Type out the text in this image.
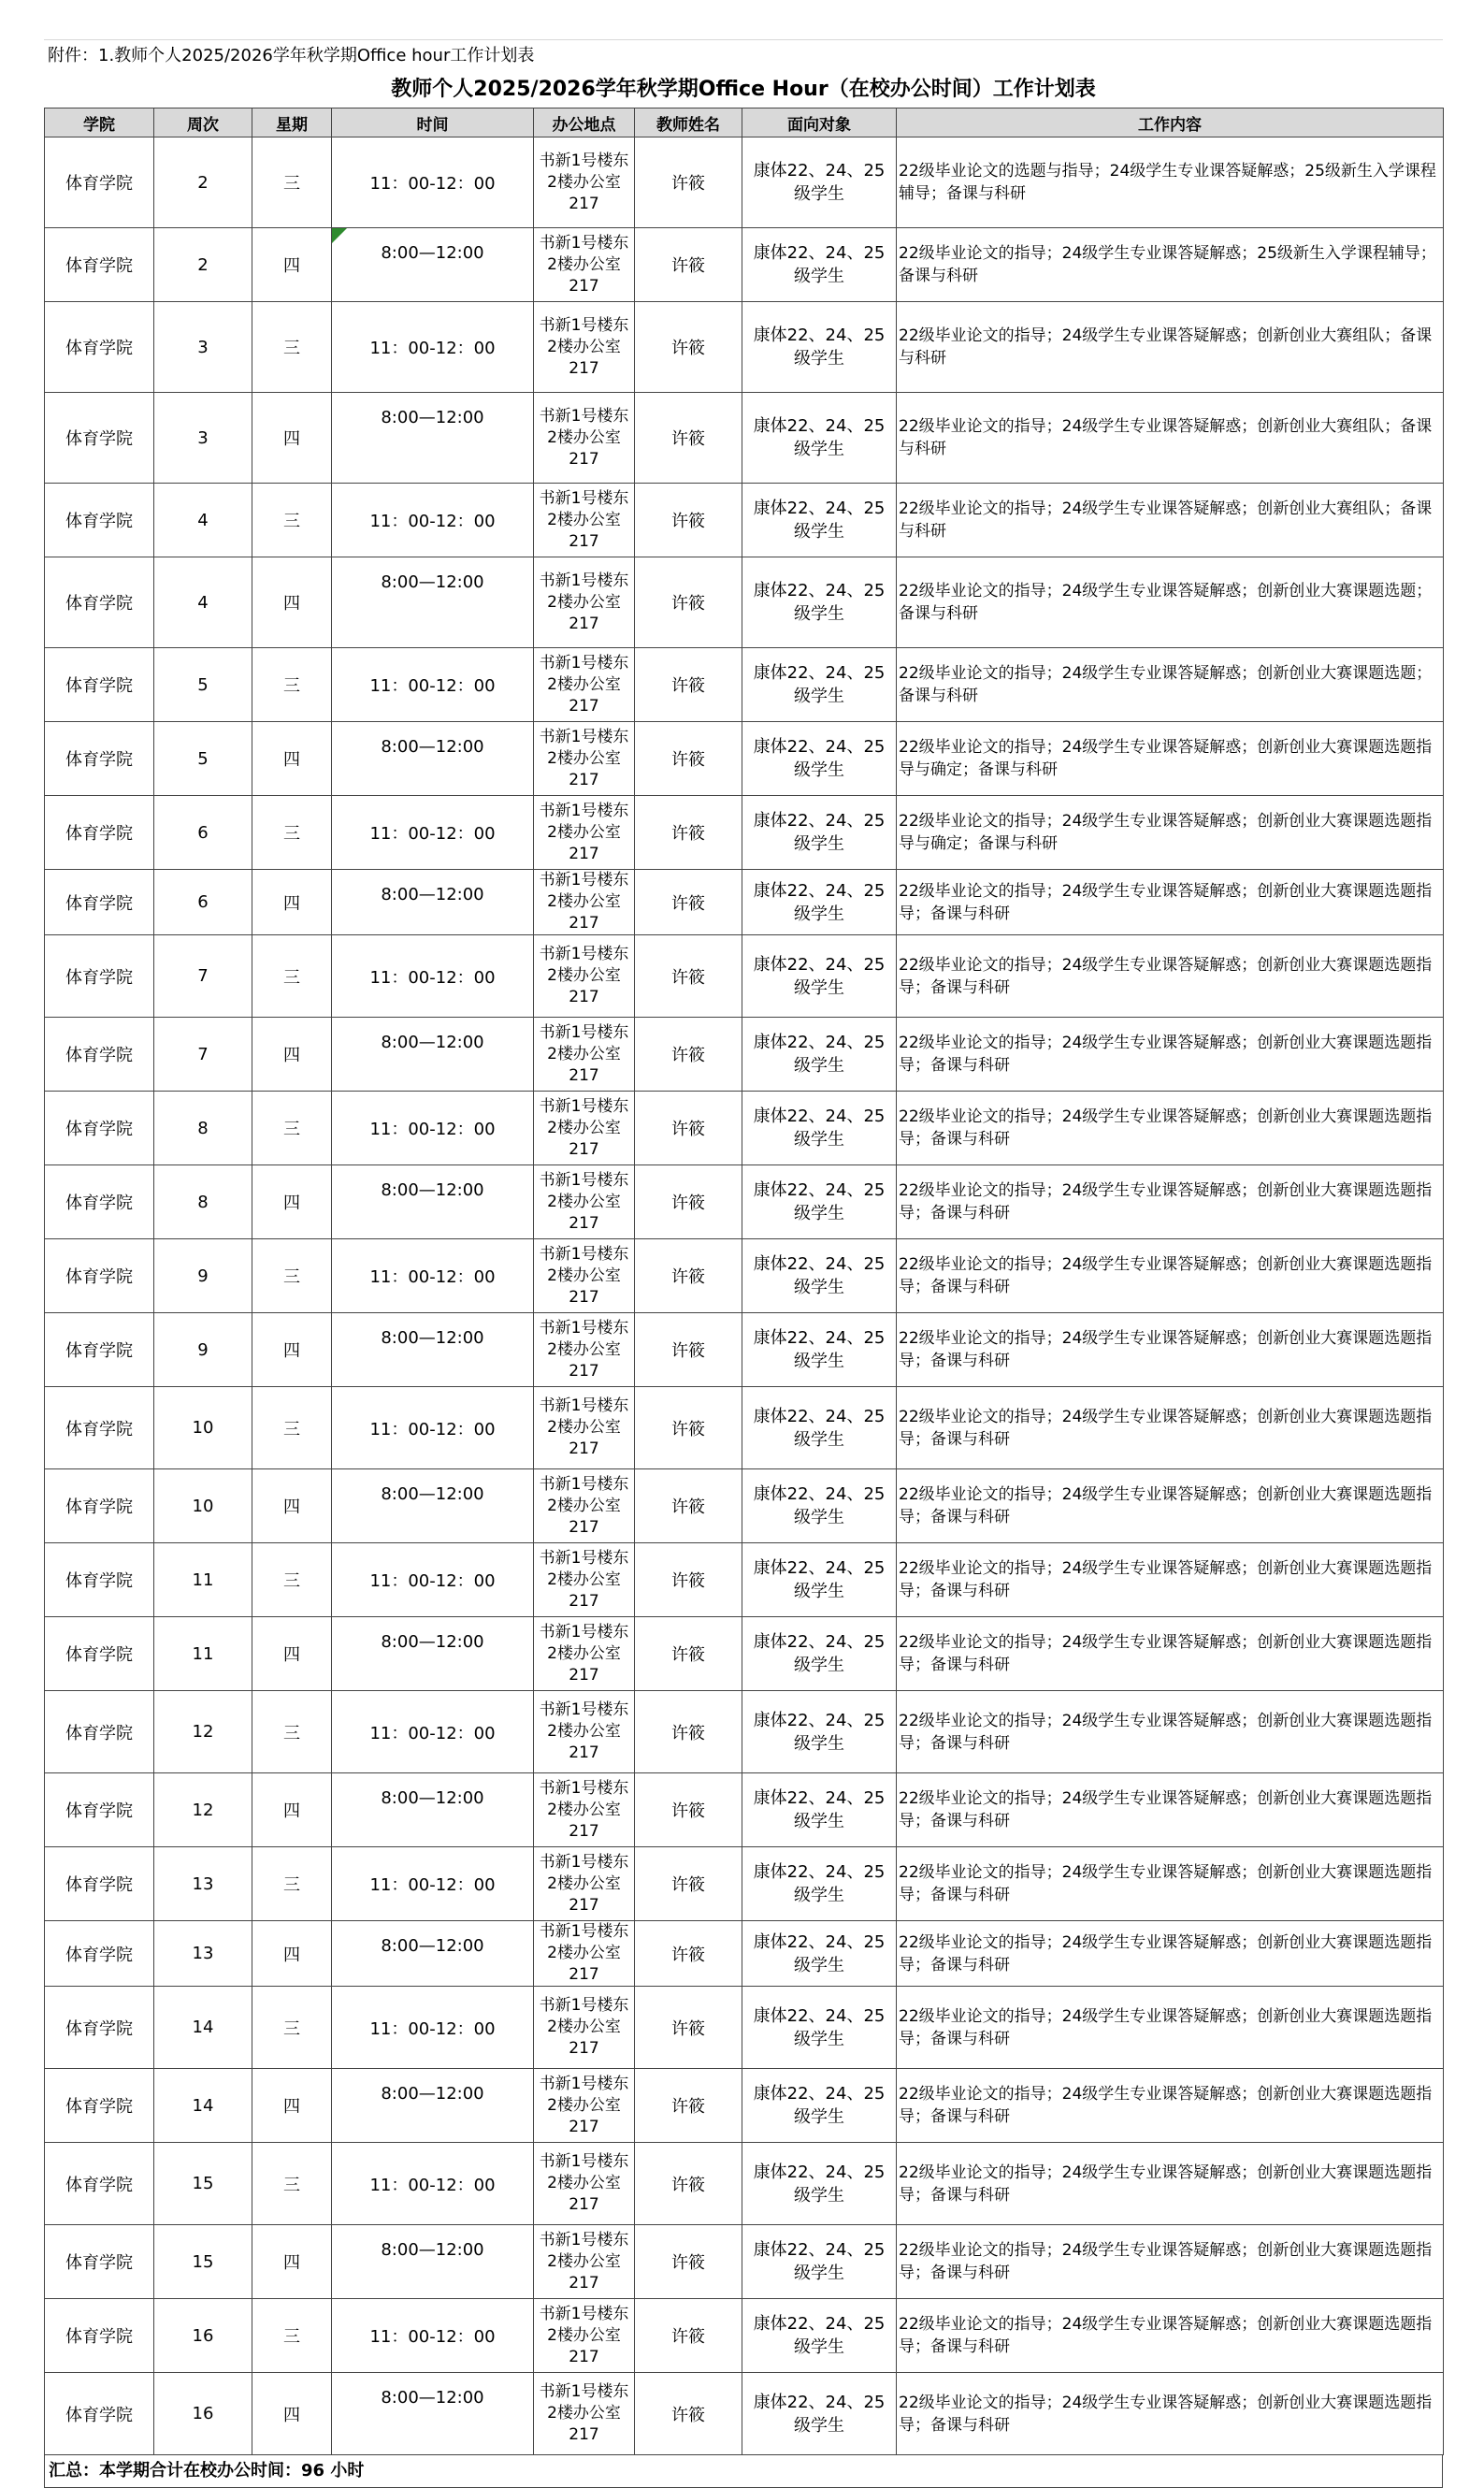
附件：1.教师个人2025/2026学年秋学期Office hour工作计划表
教师个人2025/2026学年秋学期Office Hour（在校办公时间）工作计划表
学院	周次	星期	时间	办公地点	教师姓名	面向对象	工作内容
体育学院	2	三	11：00-12：00	书新1号楼东2楼办公室217	许筱	康体22、24、25级学生	22级毕业论文的选题与指导；24级学生专业课答疑解惑；25级新生入学课程辅导；备课与科研
体育学院	2	四	8:00—12:00	书新1号楼东2楼办公室217	许筱	康体22、24、25级学生	22级毕业论文的指导；24级学生专业课答疑解惑；25级新生入学课程辅导；备课与科研
体育学院	3	三	11：00-12：00	书新1号楼东2楼办公室217	许筱	康体22、24、25级学生	22级毕业论文的指导；24级学生专业课答疑解惑；创新创业大赛组队；备课与科研
体育学院	3	四	8:00—12:00	书新1号楼东2楼办公室217	许筱	康体22、24、25级学生	22级毕业论文的指导；24级学生专业课答疑解惑；创新创业大赛组队；备课与科研
体育学院	4	三	11：00-12：00	书新1号楼东2楼办公室217	许筱	康体22、24、25级学生	22级毕业论文的指导；24级学生专业课答疑解惑；创新创业大赛组队；备课与科研
体育学院	4	四	8:00—12:00	书新1号楼东2楼办公室217	许筱	康体22、24、25级学生	22级毕业论文的指导；24级学生专业课答疑解惑；创新创业大赛课题选题；备课与科研
体育学院	5	三	11：00-12：00	书新1号楼东2楼办公室217	许筱	康体22、24、25级学生	22级毕业论文的指导；24级学生专业课答疑解惑；创新创业大赛课题选题；备课与科研
体育学院	5	四	8:00—12:00	书新1号楼东2楼办公室217	许筱	康体22、24、25级学生	22级毕业论文的指导；24级学生专业课答疑解惑；创新创业大赛课题选题指导与确定；备课与科研
体育学院	6	三	11：00-12：00	书新1号楼东2楼办公室217	许筱	康体22、24、25级学生	22级毕业论文的指导；24级学生专业课答疑解惑；创新创业大赛课题选题指导与确定；备课与科研
体育学院	6	四	8:00—12:00	书新1号楼东2楼办公室217	许筱	康体22、24、25级学生	22级毕业论文的指导；24级学生专业课答疑解惑；创新创业大赛课题选题指导；备课与科研
体育学院	7	三	11：00-12：00	书新1号楼东2楼办公室217	许筱	康体22、24、25级学生	22级毕业论文的指导；24级学生专业课答疑解惑；创新创业大赛课题选题指导；备课与科研
体育学院	7	四	8:00—12:00	书新1号楼东2楼办公室217	许筱	康体22、24、25级学生	22级毕业论文的指导；24级学生专业课答疑解惑；创新创业大赛课题选题指导；备课与科研
体育学院	8	三	11：00-12：00	书新1号楼东2楼办公室217	许筱	康体22、24、25级学生	22级毕业论文的指导；24级学生专业课答疑解惑；创新创业大赛课题选题指导；备课与科研
体育学院	8	四	8:00—12:00	书新1号楼东2楼办公室217	许筱	康体22、24、25级学生	22级毕业论文的指导；24级学生专业课答疑解惑；创新创业大赛课题选题指导；备课与科研
体育学院	9	三	11：00-12：00	书新1号楼东2楼办公室217	许筱	康体22、24、25级学生	22级毕业论文的指导；24级学生专业课答疑解惑；创新创业大赛课题选题指导；备课与科研
体育学院	9	四	8:00—12:00	书新1号楼东2楼办公室217	许筱	康体22、24、25级学生	22级毕业论文的指导；24级学生专业课答疑解惑；创新创业大赛课题选题指导；备课与科研
体育学院	10	三	11：00-12：00	书新1号楼东2楼办公室217	许筱	康体22、24、25级学生	22级毕业论文的指导；24级学生专业课答疑解惑；创新创业大赛课题选题指导；备课与科研
体育学院	10	四	8:00—12:00	书新1号楼东2楼办公室217	许筱	康体22、24、25级学生	22级毕业论文的指导；24级学生专业课答疑解惑；创新创业大赛课题选题指导；备课与科研
体育学院	11	三	11：00-12：00	书新1号楼东2楼办公室217	许筱	康体22、24、25级学生	22级毕业论文的指导；24级学生专业课答疑解惑；创新创业大赛课题选题指导；备课与科研
体育学院	11	四	8:00—12:00	书新1号楼东2楼办公室217	许筱	康体22、24、25级学生	22级毕业论文的指导；24级学生专业课答疑解惑；创新创业大赛课题选题指导；备课与科研
体育学院	12	三	11：00-12：00	书新1号楼东2楼办公室217	许筱	康体22、24、25级学生	22级毕业论文的指导；24级学生专业课答疑解惑；创新创业大赛课题选题指导；备课与科研
体育学院	12	四	8:00—12:00	书新1号楼东2楼办公室217	许筱	康体22、24、25级学生	22级毕业论文的指导；24级学生专业课答疑解惑；创新创业大赛课题选题指导；备课与科研
体育学院	13	三	11：00-12：00	书新1号楼东2楼办公室217	许筱	康体22、24、25级学生	22级毕业论文的指导；24级学生专业课答疑解惑；创新创业大赛课题选题指导；备课与科研
体育学院	13	四	8:00—12:00	书新1号楼东2楼办公室217	许筱	康体22、24、25级学生	22级毕业论文的指导；24级学生专业课答疑解惑；创新创业大赛课题选题指导；备课与科研
体育学院	14	三	11：00-12：00	书新1号楼东2楼办公室217	许筱	康体22、24、25级学生	22级毕业论文的指导；24级学生专业课答疑解惑；创新创业大赛课题选题指导；备课与科研
体育学院	14	四	8:00—12:00	书新1号楼东2楼办公室217	许筱	康体22、24、25级学生	22级毕业论文的指导；24级学生专业课答疑解惑；创新创业大赛课题选题指导；备课与科研
体育学院	15	三	11：00-12：00	书新1号楼东2楼办公室217	许筱	康体22、24、25级学生	22级毕业论文的指导；24级学生专业课答疑解惑；创新创业大赛课题选题指导；备课与科研
体育学院	15	四	8:00—12:00	书新1号楼东2楼办公室217	许筱	康体22、24、25级学生	22级毕业论文的指导；24级学生专业课答疑解惑；创新创业大赛课题选题指导；备课与科研
体育学院	16	三	11：00-12：00	书新1号楼东2楼办公室217	许筱	康体22、24、25级学生	22级毕业论文的指导；24级学生专业课答疑解惑；创新创业大赛课题选题指导；备课与科研
体育学院	16	四	8:00—12:00	书新1号楼东2楼办公室217	许筱	康体22、24、25级学生	22级毕业论文的指导；24级学生专业课答疑解惑；创新创业大赛课题选题指导；备课与科研
汇总：本学期合计在校办公时间：96 小时
